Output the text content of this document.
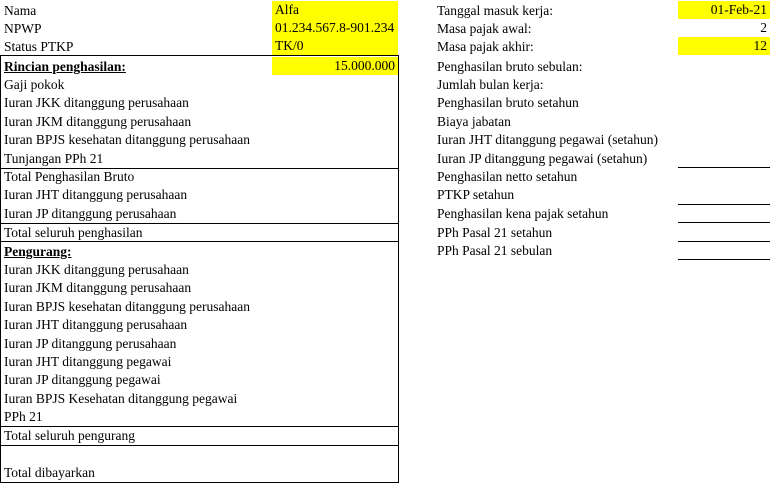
Nama	Alfa
NPWP	01.234.567.8-901.234
Status PTKP	TK/0
Tanggal masuk kerja:	01-Feb-21
Masa pajak awal:	2
Masa pajak akhir:	12
Rincian penghasilan:	15.000.000
Gaji pokok
Iuran JKK ditanggung perusahaan
Iuran JKM ditanggung perusahaan
Iuran BPJS kesehatan ditanggung perusahaan
Tunjangan PPh 21
Total Penghasilan Bruto
Iuran JHT ditanggung perusahaan
Iuran JP ditanggung perusahaan
Total seluruh penghasilan
Pengurang:
Iuran JKK ditanggung perusahaan
Iuran JKM ditanggung perusahaan
Iuran BPJS kesehatan ditanggung perusahaan
Iuran JHT ditanggung perusahaan
Iuran JP ditanggung perusahaan
Iuran JHT ditanggung pegawai
Iuran JP ditanggung pegawai
Iuran BPJS Kesehatan ditanggung pegawai
PPh 21
Total seluruh pengurang
Total dibayarkan
Penghasilan bruto sebulan:
Jumlah bulan kerja:
Penghasilan bruto setahun
Biaya jabatan
Iuran JHT ditanggung pegawai (setahun)
Iuran JP ditanggung pegawai (setahun)
Penghasilan netto setahun
PTKP setahun
Penghasilan kena pajak setahun
PPh Pasal 21 setahun
PPh Pasal 21 sebulan
